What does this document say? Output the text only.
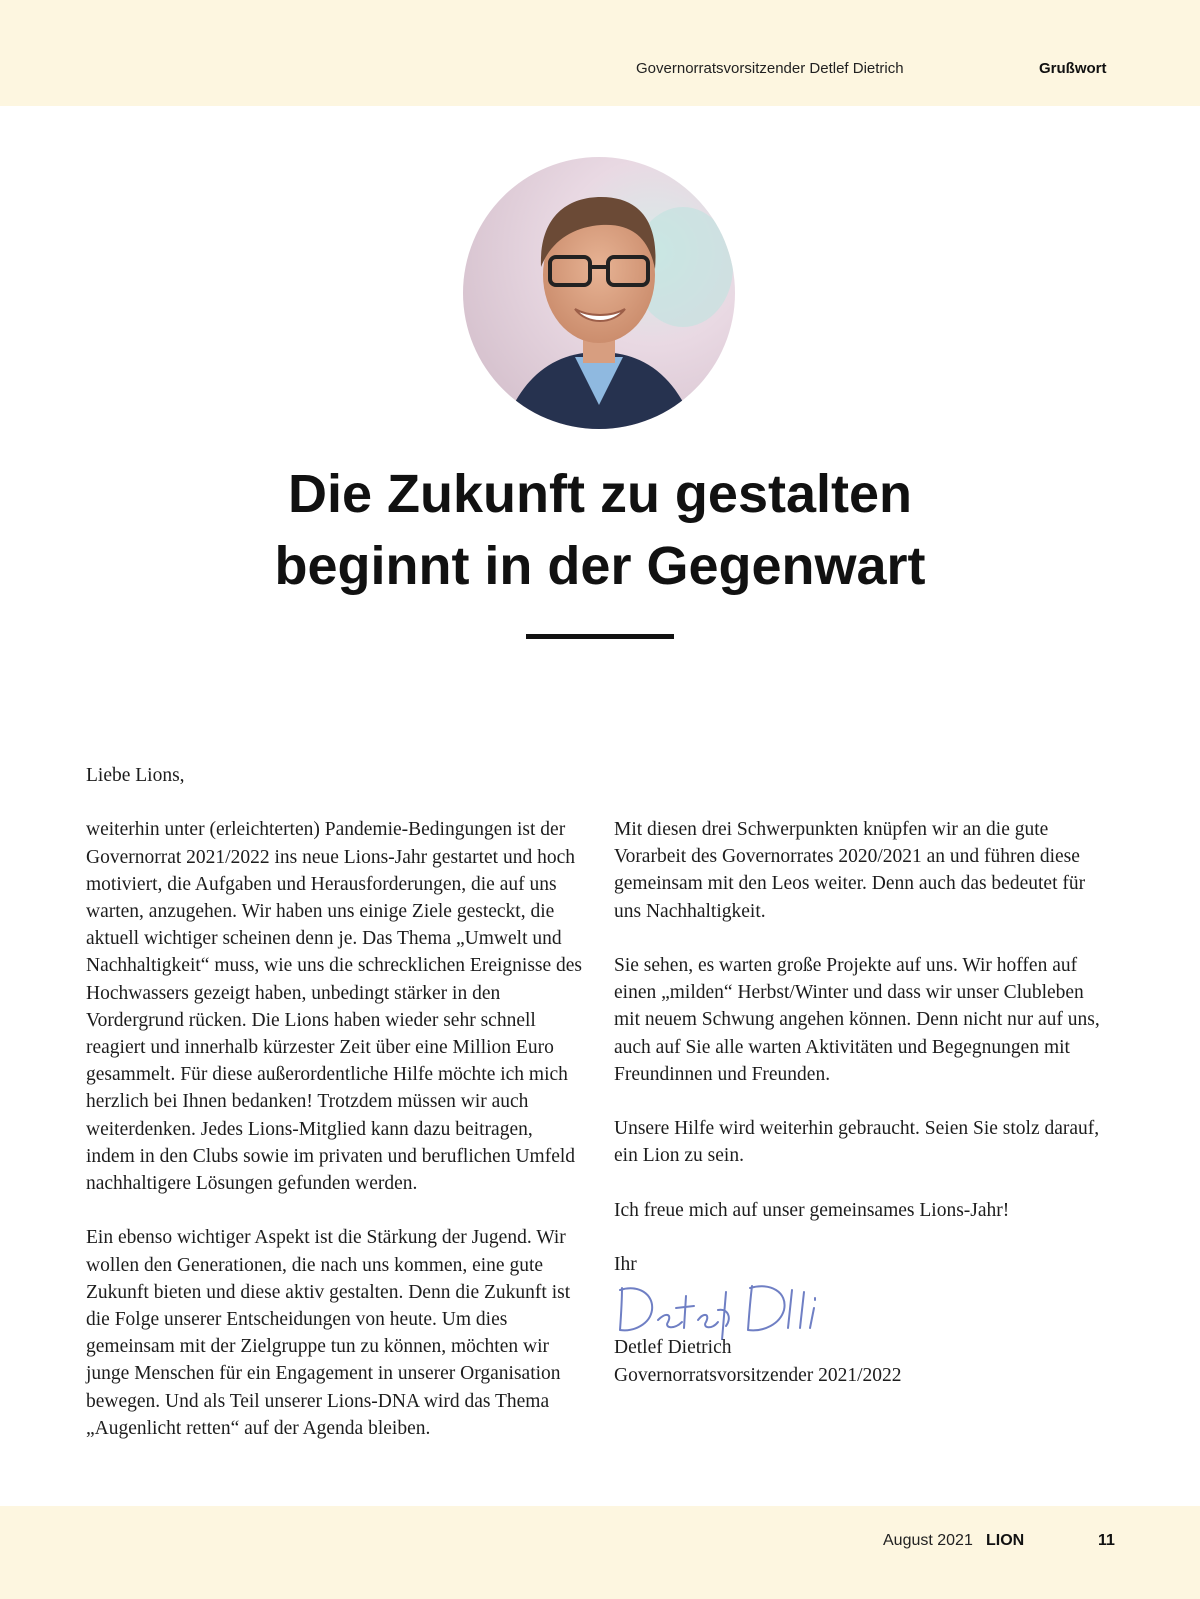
Governorratsvorsitzender Detlef Dietrich	Grußwort
Die Zukunft zu gestalten
beginnt in der Gegenwart

Liebe Lions,

weiterhin unter (erleichterten) Pandemie-Bedingungen ist der Governorrat 2021/2022 ins neue Lions-Jahr gestartet und hoch motiviert, die Aufgaben und Herausforderungen, die auf uns warten, anzugehen. Wir haben uns einige Ziele gesteckt, die aktuell wichtiger scheinen denn je. Das Thema „Umwelt und Nachhaltigkeit“ muss, wie uns die schrecklichen Ereignisse des Hochwassers gezeigt haben, unbedingt stärker in den Vordergrund rücken. Die Lions haben wieder sehr schnell reagiert und innerhalb kürzester Zeit über eine Million Euro gesammelt. Für diese außerordentliche Hilfe möchte ich mich herzlich bei Ihnen bedanken! Trotzdem müssen wir auch weiterdenken. Jedes Lions-Mitglied kann dazu beitragen, indem in den Clubs sowie im privaten und beruflichen Umfeld nachhaltigere Lösungen gefunden werden.

Ein ebenso wichtiger Aspekt ist die Stärkung der Jugend. Wir wollen den Generationen, die nach uns kommen, eine gute Zukunft bieten und diese aktiv gestalten. Denn die Zukunft ist die Folge unserer Entscheidungen von heute. Um dies gemeinsam mit der Zielgruppe tun zu können, möchten wir junge Menschen für ein Engagement in unserer Organisation bewegen. Und als Teil unserer Lions-DNA wird das Thema „Augenlicht retten“ auf der Agenda bleiben.

Mit diesen drei Schwerpunkten knüpfen wir an die gute Vorarbeit des Governorrates 2020/2021 an und führen diese gemeinsam mit den Leos weiter. Denn auch das bedeutet für uns Nachhaltigkeit.

Sie sehen, es warten große Projekte auf uns. Wir hoffen auf einen „milden“ Herbst/Winter und dass wir unser Clubleben mit neuem Schwung angehen können. Denn nicht nur auf uns, auch auf Sie alle warten Aktivitäten und Begegnungen mit Freundinnen und Freunden.

Unsere Hilfe wird weiterhin gebraucht. Seien Sie stolz darauf, ein Lion zu sein.

Ich freue mich auf unser gemeinsames Lions-Jahr!

Ihr

Detlef Dietrich

Governorratsvorsitzender 2021/2022

August 2021 LION	11
